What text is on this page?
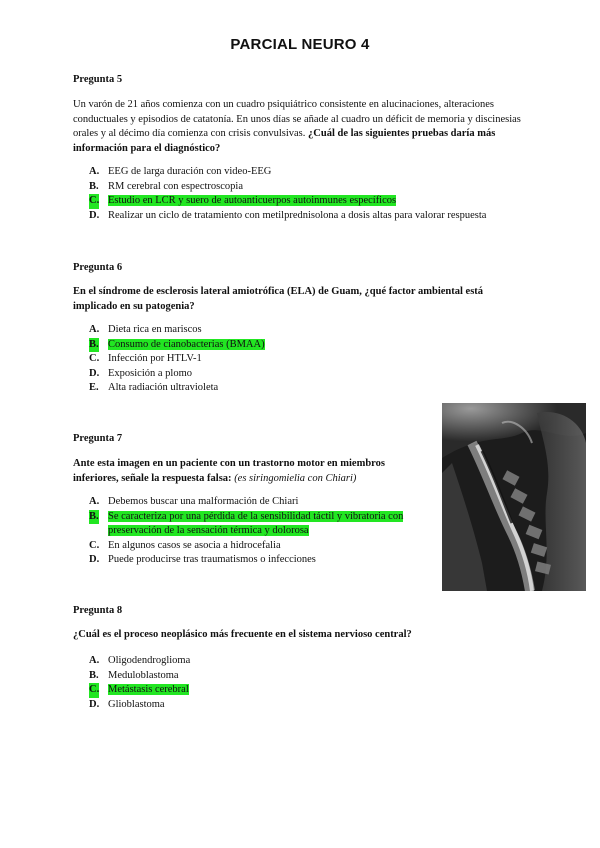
PARCIAL NEURO 4
Pregunta 5
Un varón de 21 años comienza con un cuadro psiquiátrico consistente en alucinaciones, alteraciones conductuales y episodios de catatonía. En unos días se añade al cuadro un déficit de memoria y discinesias orales y al décimo día comienza con crisis convulsivas. ¿Cuál de las siguientes pruebas daría más información para el diagnóstico?
A. EEG de larga duración con video-EEG
B. RM cerebral con espectroscopia
C. Estudio en LCR y suero de autoanticuerpos autoinmunes específicos
D. Realizar un ciclo de tratamiento con metilprednisolona a dosis altas para valorar respuesta
Pregunta 6
En el síndrome de esclerosis lateral amiotrófica (ELA) de Guam, ¿qué factor ambiental está implicado en su patogenia?
A. Dieta rica en mariscos
B. Consumo de cianobacterias (BMAA)
C. Infección por HTLV-1
D. Exposición a plomo
E. Alta radiación ultravioleta
Pregunta 7
Ante esta imagen en un paciente con un trastorno motor en miembros inferiores, señale la respuesta falsa: (es siringomielia con Chiari)
A. Debemos buscar una malformación de Chiari
B. Se caracteriza por una pérdida de la sensibilidad táctil y vibratoria con
preservación de la sensación térmica y dolorosa
C. En algunos casos se asocia a hidrocefalia
D. Puede producirse tras traumatismos o infecciones
Pregunta 8
¿Cuál es el proceso neoplásico más frecuente en el sistema nervioso central?
A. Oligodendroglioma
B. Meduloblastoma
C. Metástasis cerebral
D. Glioblastoma
